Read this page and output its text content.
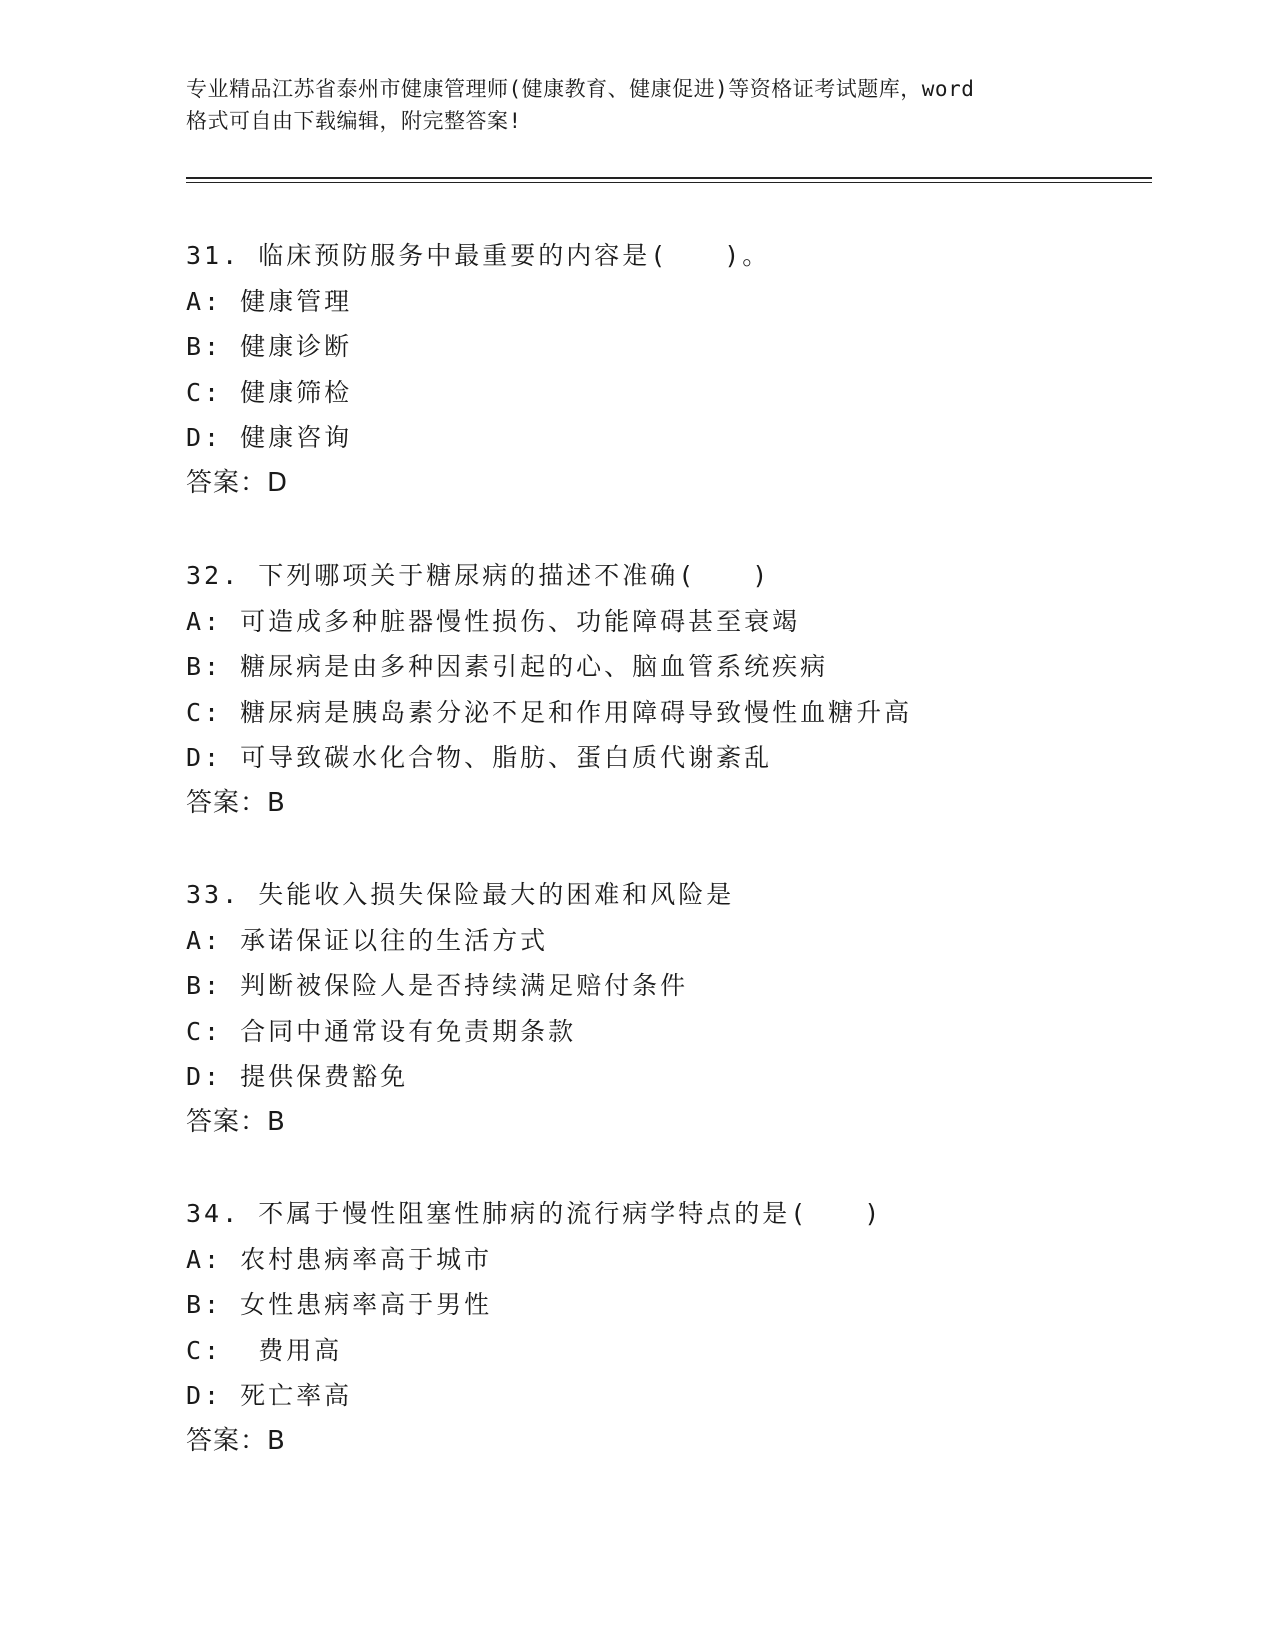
专业精品江苏省泰州市健康管理师(健康教育、健康促进)等资格证考试题库，word
格式可自由下载编辑，附完整答案!
31. 临床预防服务中最重要的内容是(　　)。
A: 健康管理
B: 健康诊断
C: 健康筛检
D: 健康咨询
答案：D
32. 下列哪项关于糖尿病的描述不准确(　　)
A: 可造成多种脏器慢性损伤、功能障碍甚至衰竭
B: 糖尿病是由多种因素引起的心、脑血管系统疾病
C: 糖尿病是胰岛素分泌不足和作用障碍导致慢性血糖升高
D: 可导致碳水化合物、脂肪、蛋白质代谢紊乱
答案：B
33. 失能收入损失保险最大的困难和风险是
A: 承诺保证以往的生活方式
B: 判断被保险人是否持续满足赔付条件
C: 合同中通常设有免责期条款
D: 提供保费豁免
答案：B
34. 不属于慢性阻塞性肺病的流行病学特点的是(　　)
A: 农村患病率高于城市
B: 女性患病率高于男性
C:  费用高
D: 死亡率高
答案：B
